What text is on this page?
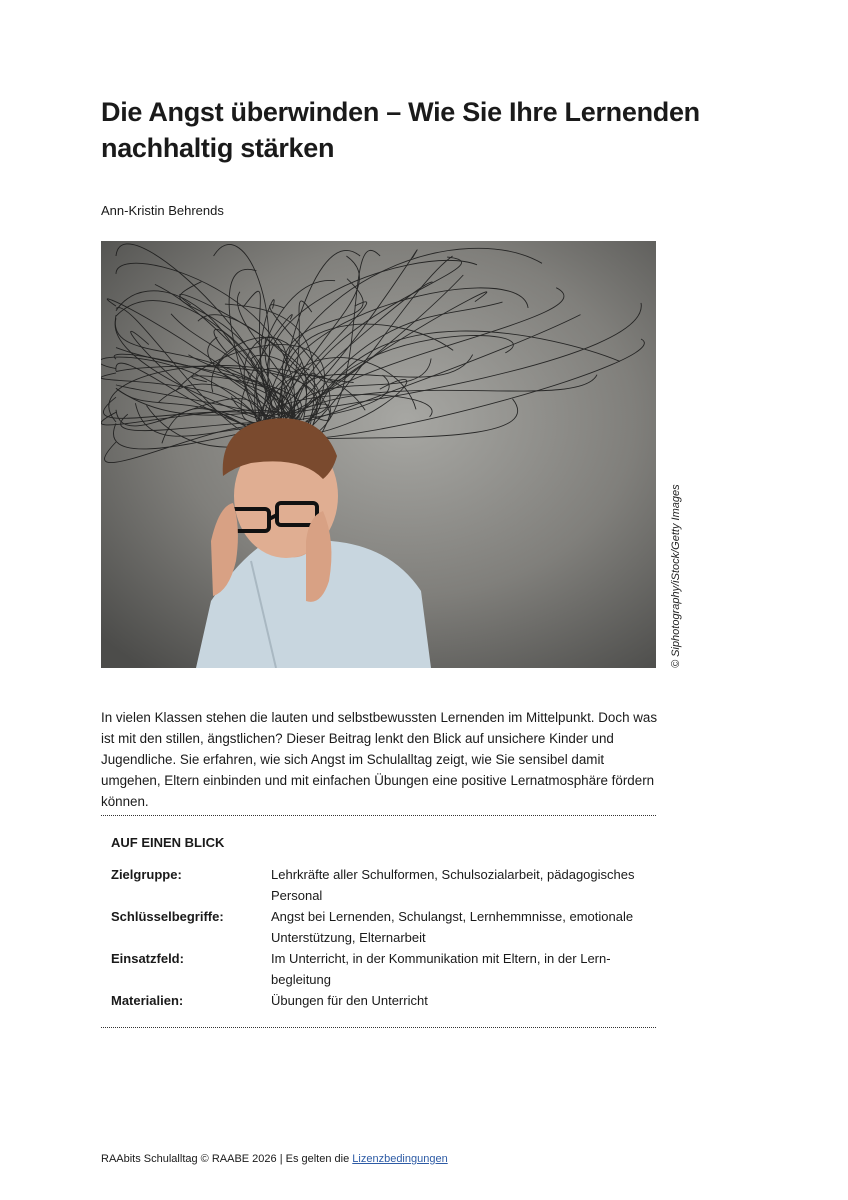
Die Angst überwinden – Wie Sie Ihre Lernenden nachhaltig stärken
Ann-Kristin Behrends
© Siphotography/iStock/Getty Images
In vielen Klassen stehen die lauten und selbstbewussten Lernenden im Mittelpunkt. Doch was ist mit den stillen, ängstlichen? Dieser Beitrag lenkt den Blick auf unsichere Kinder und Jugendliche. Sie erfahren, wie sich Angst im Schulalltag zeigt, wie Sie sensibel damit umgehen, Eltern einbinden und mit einfachen Übungen eine positive Lernatmosphäre fördern können.
AUF EINEN BLICK
Zielgruppe:	Lehrkräfte aller Schulformen, Schulsozialarbeit, pädagogisches Personal
Schlüsselbegriffe:	Angst bei Lernenden, Schulangst, Lernhemmnisse, emotionale Unterstützung, Elternarbeit
Einsatzfeld:	Im Unterricht, in der Kommunikation mit Eltern, in der Lern-begleitung
Materialien:	Übungen für den Unterricht
RAAbits Schulalltag © RAABE 2026 | Es gelten die Lizenzbedingungen
